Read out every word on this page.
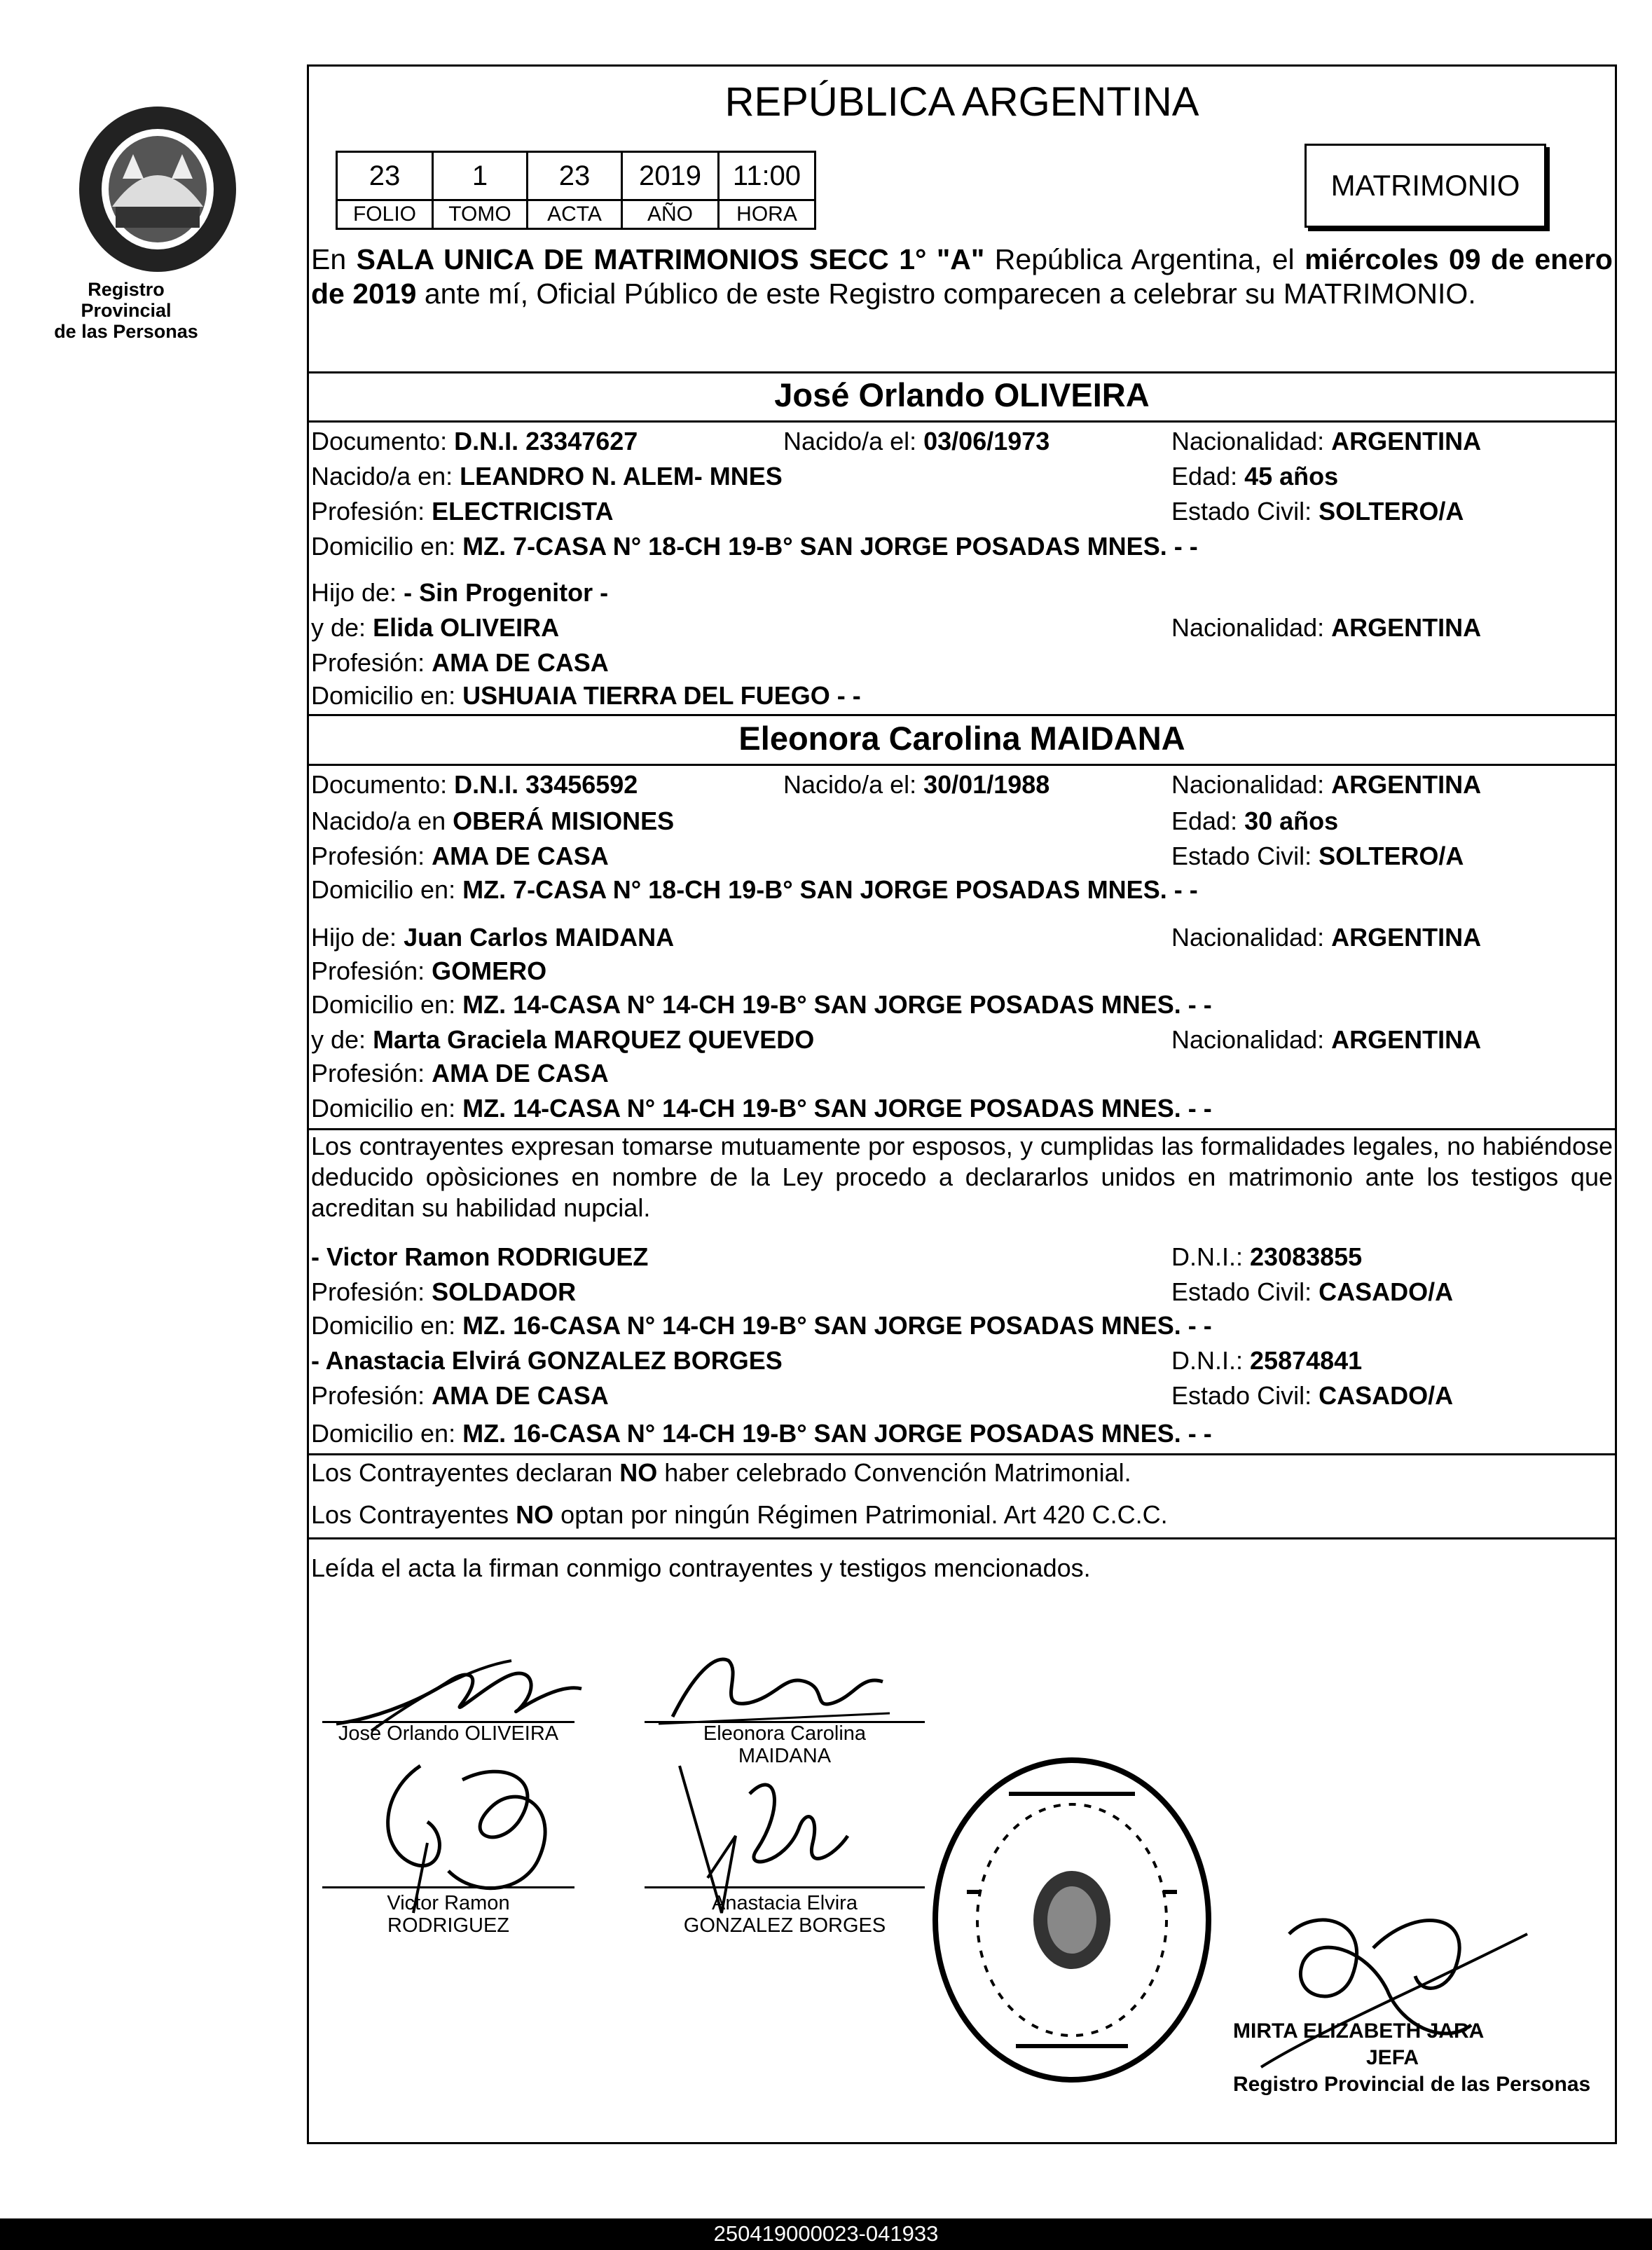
Registro Provincial
de las Personas
REPÚBLICA ARGENTINA
23	1	23	2019	11:00
FOLIO	TOMO	ACTA	AÑO	HORA
MATRIMONIO
En SALA UNICA DE MATRIMONIOS SECC 1° "A" República Argentina, el miércoles 09 de enero de 2019 ante mí, Oficial Público de este Registro comparecen a celebrar su MATRIMONIO.
José Orlando OLIVEIRA
Documento: D.N.I. 23347627	Nacido/a el: 03/06/1973	Nacionalidad: ARGENTINA
Nacido/a en: LEANDRO N. ALEM- MNES	Edad: 45 años
Profesión: ELECTRICISTA	Estado Civil: SOLTERO/A
Domicilio en: MZ. 7-CASA N° 18-CH 19-B° SAN JORGE POSADAS MNES. - -
Hijo de: - Sin Progenitor -
y de: Elida OLIVEIRA	Nacionalidad: ARGENTINA
Profesión: AMA DE CASA
Domicilio en: USHUAIA TIERRA DEL FUEGO - -
Eleonora Carolina MAIDANA
Documento: D.N.I. 33456592	Nacido/a el: 30/01/1988	Nacionalidad: ARGENTINA
Nacido/a en OBERÁ MISIONES	Edad: 30 años
Profesión: AMA DE CASA	Estado Civil: SOLTERO/A
Domicilio en: MZ. 7-CASA N° 18-CH 19-B° SAN JORGE POSADAS MNES. - -
Hijo de: Juan Carlos MAIDANA	Nacionalidad: ARGENTINA
Profesión: GOMERO
Domicilio en: MZ. 14-CASA N° 14-CH 19-B° SAN JORGE POSADAS MNES. - -
y de: Marta Graciela MARQUEZ QUEVEDO	Nacionalidad: ARGENTINA
Profesión: AMA DE CASA
Domicilio en: MZ. 14-CASA N° 14-CH 19-B° SAN JORGE POSADAS MNES. - -
Los contrayentes expresan tomarse mutuamente por esposos, y cumplidas las formalidades legales, no habiéndose deducido opòsiciones en nombre de la Ley procedo a declararlos unidos en matrimonio ante los testigos que acreditan su habilidad nupcial.
- Victor Ramon RODRIGUEZ	D.N.I.: 23083855
Profesión: SOLDADOR	Estado Civil: CASADO/A
Domicilio en: MZ. 16-CASA N° 14-CH 19-B° SAN JORGE POSADAS MNES. - -
- Anastacia Elvirá GONZALEZ BORGES	D.N.I.: 25874841
Profesión: AMA DE CASA	Estado Civil: CASADO/A
Domicilio en: MZ. 16-CASA N° 14-CH 19-B° SAN JORGE POSADAS MNES. - -
Los Contrayentes declaran NO haber celebrado Convención Matrimonial.
Los Contrayentes NO optan por ningún Régimen Patrimonial. Art 420 C.C.C.
Leída el acta la firman conmigo contrayentes y testigos mencionados.
José Orlando OLIVEIRA	Eleonora Carolina
MAIDANA
Victor Ramon
RODRIGUEZ
Anastacia Elvira
GONZALEZ BORGES
MIRTA ELIZABETH JARA
JEFA
Registro Provincial de las Personas
250419000023-041933
